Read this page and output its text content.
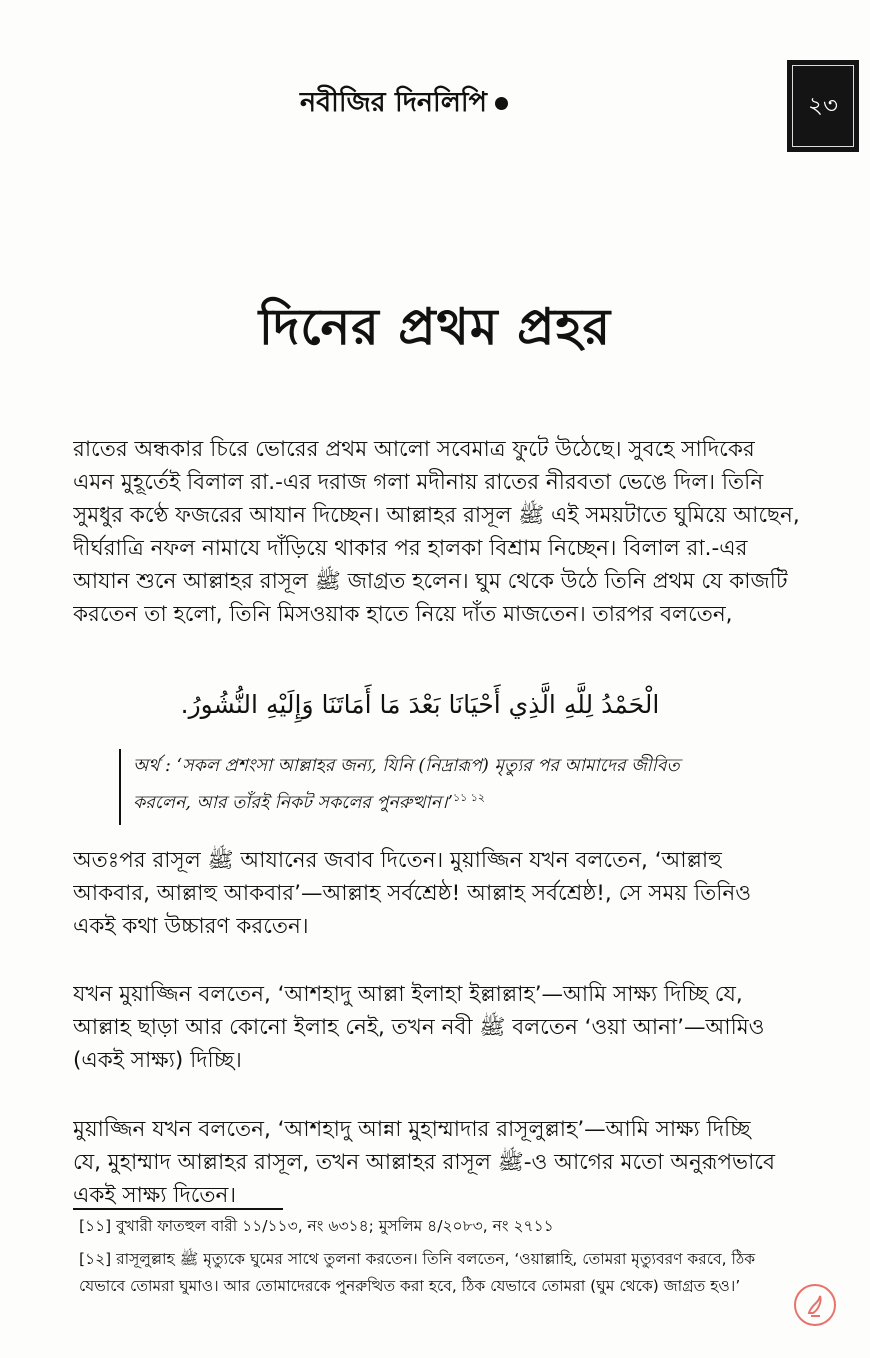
নবীজির দিনলিপি	২৩
দিনের প্রথম প্রহর
রাতের অন্ধকার চিরে ভোরের প্রথম আলো সবেমাত্র ফুটে উঠেছে। সুবহে সাদিকের
এমন মুহূর্তেই বিলাল রা.-এর দরাজ গলা মদীনায় রাতের নীরবতা ভেঙে দিল। তিনি
সুমধুর কণ্ঠে ফজরের আযান দিচ্ছেন। আল্লাহর রাসূল ﷺ এই সময়টাতে ঘুমিয়ে আছেন,
দীর্ঘরাত্রি নফল নামাযে দাঁড়িয়ে থাকার পর হালকা বিশ্রাম নিচ্ছেন। বিলাল রা.-এর
আযান শুনে আল্লাহর রাসূল ﷺ জাগ্রত হলেন। ঘুম থেকে উঠে তিনি প্রথম যে কাজটি
করতেন তা হলো, তিনি মিসওয়াক হাতে নিয়ে দাঁত মাজতেন। তারপর বলতেন,
الْحَمْدُ لِلَّهِ الَّذِي أَحْيَانَا بَعْدَ مَا أَمَاتَنَا وَإِلَيْهِ النُّشُورُ.
অর্থ : ‘সকল প্রশংসা আল্লাহর জন্য, যিনি (নিদ্রারূপ) মৃত্যুর পর আমাদের জীবিত
করলেন, আর তাঁরই নিকট সকলের পুনরুত্থান।’$^{১১ ১২}$
অতঃপর রাসূল ﷺ আযানের জবাব দিতেন। মুয়াজ্জিন যখন বলতেন, ‘আল্লাহু
আকবার, আল্লাহু আকবার’—আল্লাহ সর্বশ্রেষ্ঠ! আল্লাহ সর্বশ্রেষ্ঠ!, সে সময় তিনিও
একই কথা উচ্চারণ করতেন।
যখন মুয়াজ্জিন বলতেন, ‘আশহাদু আল্লা ইলাহা ইল্লাল্লাহ’—আমি সাক্ষ্য দিচ্ছি যে,
আল্লাহ ছাড়া আর কোনো ইলাহ নেই, তখন নবী ﷺ বলতেন ‘ওয়া আনা’—আমিও
(একই সাক্ষ্য) দিচ্ছি।
মুয়াজ্জিন যখন বলতেন, ‘আশহাদু আন্না মুহাম্মাদার রাসূলুল্লাহ’—আমি সাক্ষ্য দিচ্ছি
যে, মুহাম্মাদ আল্লাহর রাসূল, তখন আল্লাহর রাসূল ﷺ-ও আগের মতো অনুরূপভাবে
একই সাক্ষ্য দিতেন।
[১১] বুখারী ফাতহুল বারী ১১/১১৩, নং ৬৩১৪; মুসলিম ৪/২০৮৩, নং ২৭১১
[১২] রাসূলুল্লাহ ﷺ মৃত্যুকে ঘুমের সাথে তুলনা করতেন। তিনি বলতেন, ‘ওয়াল্লাহি, তোমরা মৃত্যুবরণ করবে, ঠিক
যেভাবে তোমরা ঘুমাও। আর তোমাদেরকে পুনরুত্থিত করা হবে, ঠিক যেভাবে তোমরা (ঘুম থেকে) জাগ্রত হও।’
